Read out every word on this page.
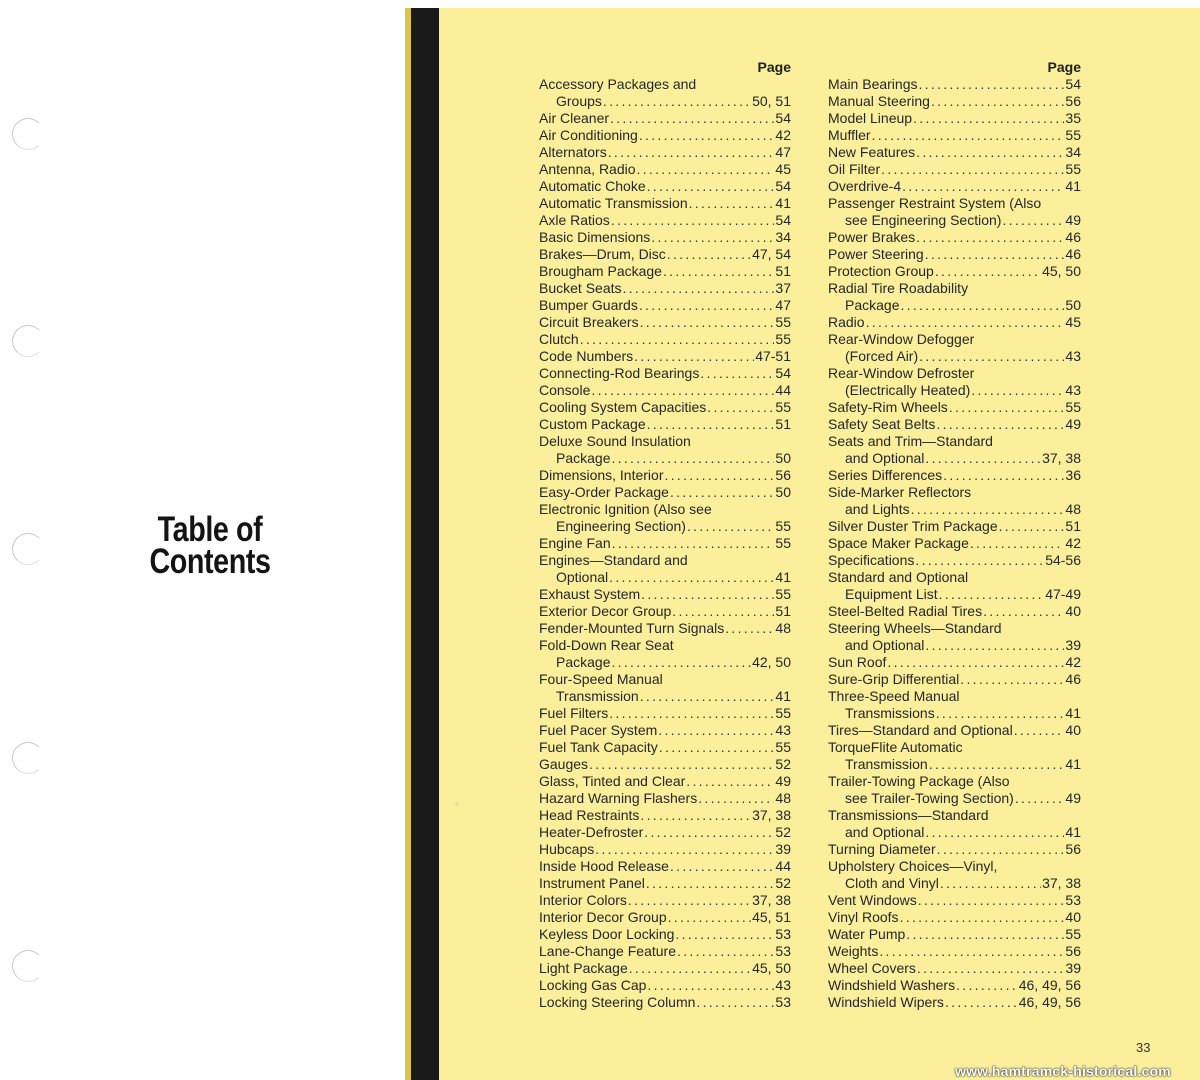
Table of
Contents
Page
Accessory Packages and
Groups .....	50, 51
Air Cleaner .....	54
Air Conditioning .....	42
Alternators .....	47
Antenna, Radio .....	45
Automatic Choke .....	54
Automatic Transmission .....	41
Axle Ratios .....	54
Basic Dimensions .....	34
Brakes—Drum, Disc .....	47, 54
Brougham Package .....	51
Bucket Seats .....	37
Bumper Guards .....	47
Circuit Breakers .....	55
Clutch .....	55
Code Numbers .....	47-51
Connecting-Rod Bearings .....	54
Console .....	44
Cooling System Capacities .....	55
Custom Package .....	51
Deluxe Sound Insulation
Package .....	50
Dimensions, Interior .....	56
Easy-Order Package .....	50
Electronic Ignition (Also see
Engineering Section) .....	55
Engine Fan .....	55
Engines—Standard and
Optional .....	41
Exhaust System .....	55
Exterior Decor Group .....	51
Fender-Mounted Turn Signals .....	48
Fold-Down Rear Seat
Package .....	42, 50
Four-Speed Manual
Transmission .....	41
Fuel Filters .....	55
Fuel Pacer System .....	43
Fuel Tank Capacity .....	55
Gauges .....	52
Glass, Tinted and Clear .....	49
Hazard Warning Flashers .....	48
Head Restraints .....	37, 38
Heater-Defroster .....	52
Hubcaps .....	39
Inside Hood Release .....	44
Instrument Panel .....	52
Interior Colors .....	37, 38
Interior Decor Group .....	45, 51
Keyless Door Locking .....	53
Lane-Change Feature .....	53
Light Package .....	45, 50
Locking Gas Cap .....	43
Locking Steering Column .....	53
Page
Main Bearings .....	54
Manual Steering .....	56
Model Lineup .....	35
Muffler .....	55
New Features .....	34
Oil Filter .....	55
Overdrive-4 .....	41
Passenger Restraint System (Also
see Engineering Section) .....	49
Power Brakes .....	46
Power Steering .....	46
Protection Group .....	45, 50
Radial Tire Roadability
Package .....	50
Radio .....	45
Rear-Window Defogger
(Forced Air) .....	43
Rear-Window Defroster
(Electrically Heated) .....	43
Safety-Rim Wheels .....	55
Safety Seat Belts .....	49
Seats and Trim—Standard
and Optional .....	37, 38
Series Differences .....	36
Side-Marker Reflectors
and Lights .....	48
Silver Duster Trim Package .....	51
Space Maker Package .....	42
Specifications .....	54-56
Standard and Optional
Equipment List .....	47-49
Steel-Belted Radial Tires .....	40
Steering Wheels—Standard
and Optional .....	39
Sun Roof .....	42
Sure-Grip Differential .....	46
Three-Speed Manual
Transmissions .....	41
Tires—Standard and Optional .....	40
TorqueFlite Automatic
Transmission .....	41
Trailer-Towing Package (Also
see Trailer-Towing Section) .....	49
Transmissions—Standard
and Optional .....	41
Turning Diameter .....	56
Upholstery Choices—Vinyl,
Cloth and Vinyl .....	37, 38
Vent Windows .....	53
Vinyl Roofs .....	40
Water Pump .....	55
Weights .....	56
Wheel Covers .....	39
Windshield Washers .....	46, 49, 56
Windshield Wipers .....	46, 49, 56
33
www.hamtramck-historical.com
